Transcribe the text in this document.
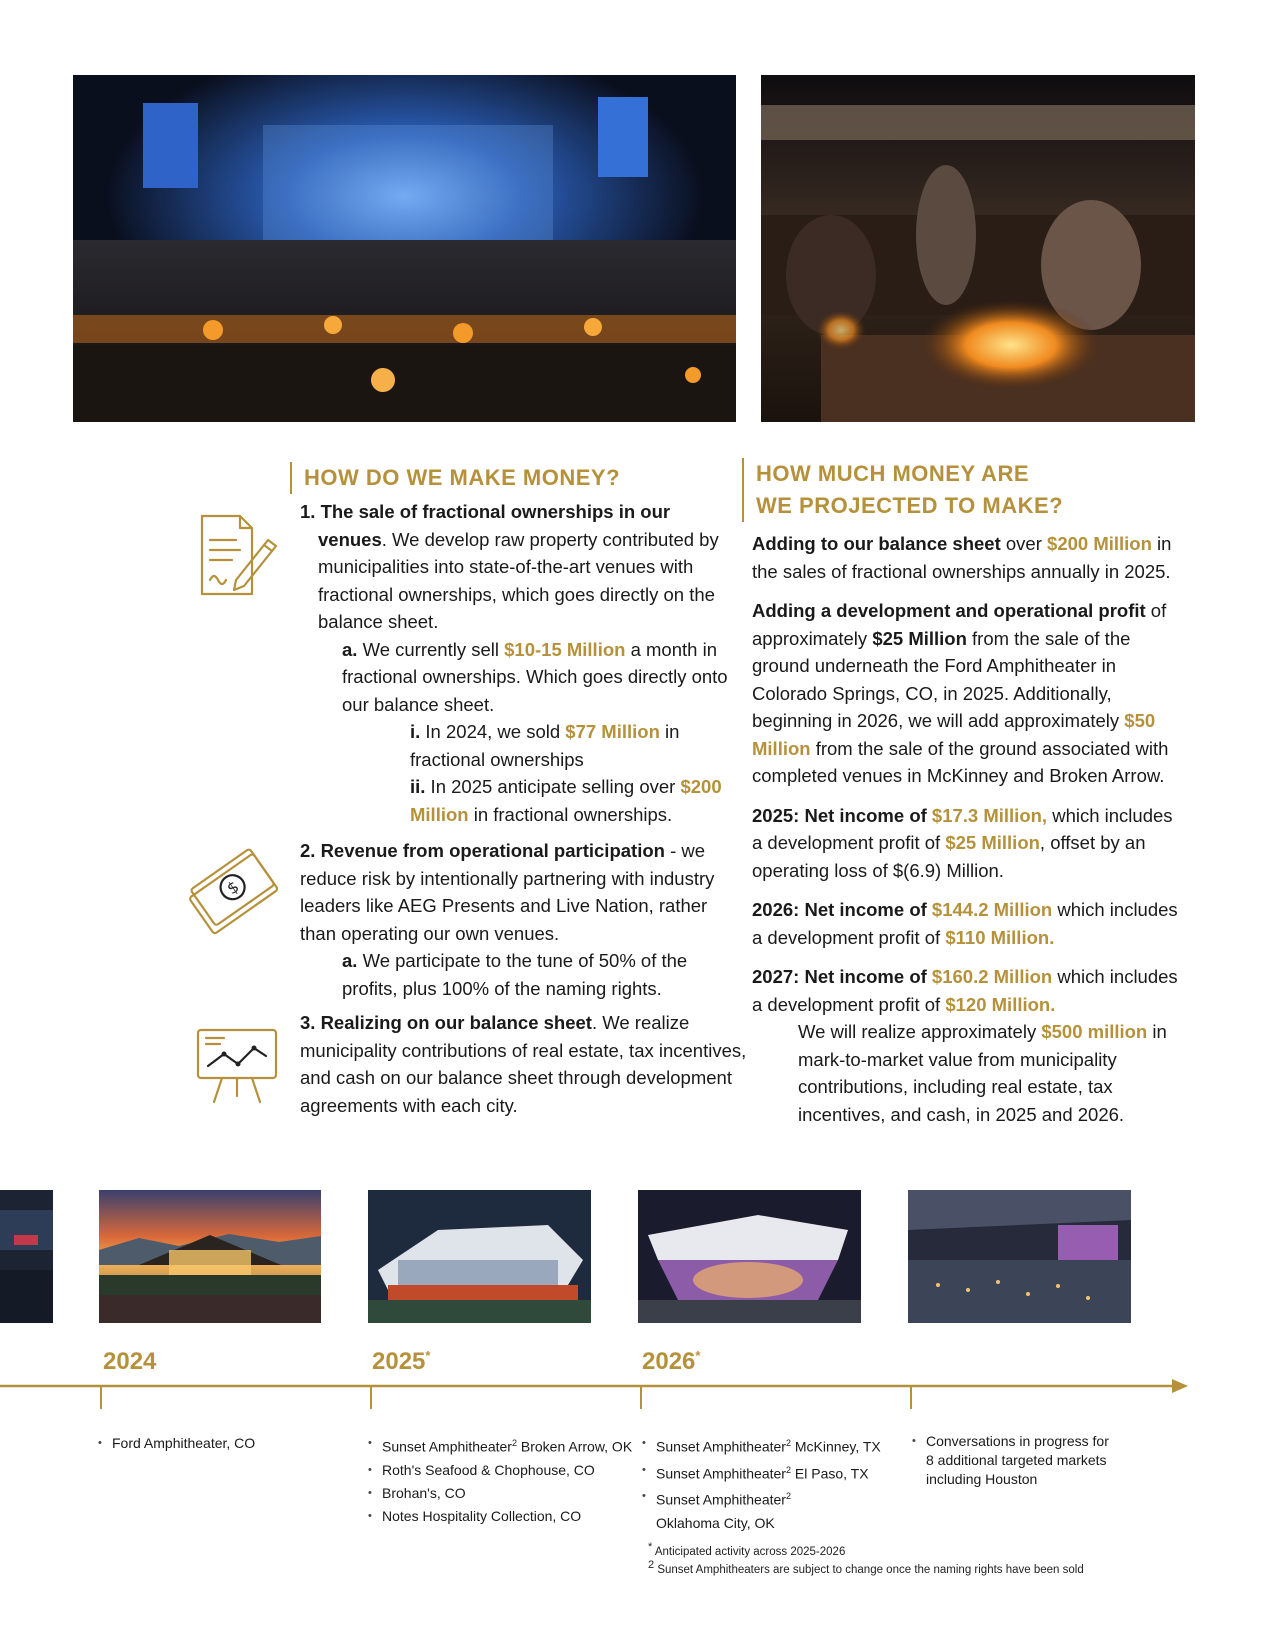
HOW DO WE MAKE MONEY?

1. The sale of fractional ownerships in our

venues. We develop raw property contributed by municipalities into state-of-the-art venues with fractional ownerships, which goes directly on the balance sheet.

a. We currently sell $10-15 Million a month in fractional ownerships. Which goes directly onto our balance sheet.

i. In 2024, we sold $77 Million in fractional ownerships

ii. In 2025 anticipate selling over $200 Million in fractional ownerships.

$

2. Revenue from operational participation - we reduce risk by intentionally partnering with industry leaders like AEG Presents and Live Nation, rather than operating our own venues.

a. We participate to the tune of 50% of the profits, plus 100% of the naming rights.

3. Realizing on our balance sheet. We realize municipality contributions of real estate, tax incentives, and cash on our balance sheet through development agreements with each city.

HOW MUCH MONEY ARE
WE PROJECTED TO MAKE?

Adding to our balance sheet over $200 Million in the sales of fractional ownerships annually in 2025.

Adding a development and operational profit of approximately $25 Million from the sale of the ground underneath the Ford Amphitheater in Colorado Springs, CO, in 2025. Additionally, beginning in 2026, we will add approximately $50 Million from the sale of the ground associated with completed venues in McKinney and Broken Arrow.

2025: Net income of $17.3 Million, which includes a development profit of $25 Million, offset by an operating loss of $(6.9) Million.

2026: Net income of $144.2 Million which includes a development profit of $110 Million.

2027: Net income of $160.2 Million which includes a development profit of $120 Million.

We will realize approximately $500 million in mark-to-market value from municipality contributions, including real estate, tax incentives, and cash, in 2025 and 2026.

2024	2025*	2026*
• Ford Amphitheater, CO
•	Sunset Amphitheater$^2$ Broken Arrow, OK
• Roth's Seafood & Chophouse, CO
• Brohan's, CO
• Notes Hospitality Collection, CO
• Sunset Amphitheater$^2$ McKinney, TX
• Sunset Amphitheater$^2$ El Paso, TX
• Sunset Amphitheater$^2$ Oklahoma City, OK
• Conversations in progress for 8 additional targeted markets including Houston
* Anticipated activity across 2025-2026
$^2$ Sunset Amphitheaters are subject to change once the naming rights have been sold
